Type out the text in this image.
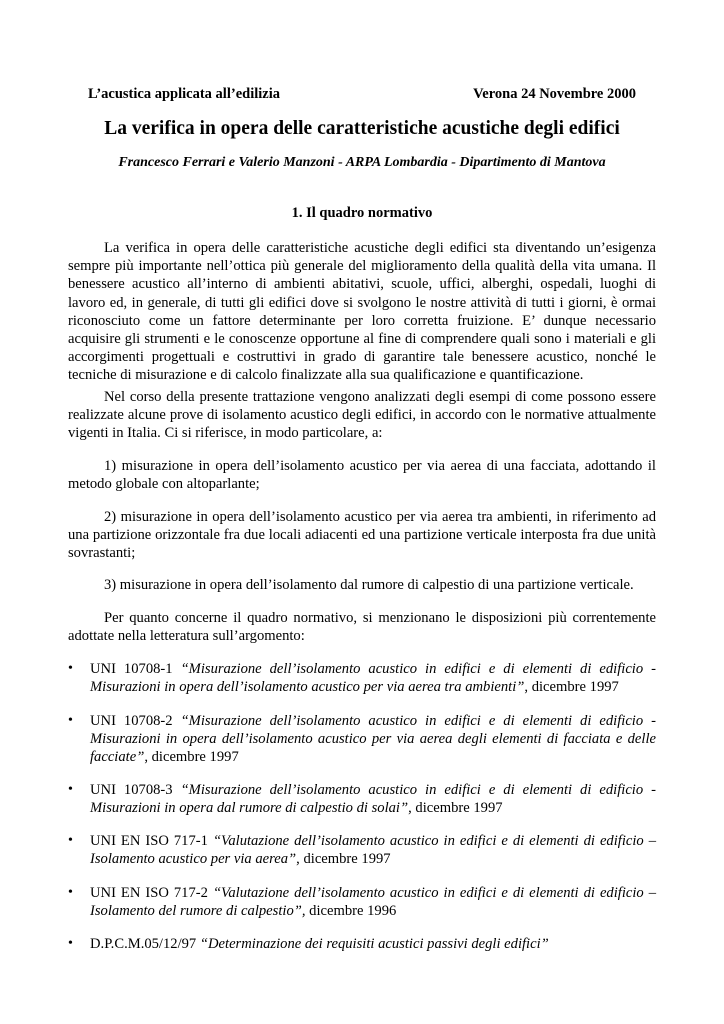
L’acustica applicata all’edilizia	Verona 24 Novembre 2000
La verifica in opera delle caratteristiche acustiche degli edifici
Francesco Ferrari e Valerio Manzoni - ARPA Lombardia - Dipartimento di Mantova
1. Il quadro normativo
La verifica in opera delle caratteristiche acustiche degli edifici sta diventando un’esigenza sempre più importante nell’ottica più generale del miglioramento della qualità della vita umana. Il benessere acustico all’interno di ambienti abitativi, scuole, uffici, alberghi, ospedali, luoghi di lavoro ed, in generale, di tutti gli edifici dove si svolgono le nostre attività di tutti i giorni, è ormai riconosciuto come un fattore determinante per loro corretta fruizione. E’ dunque necessario acquisire gli strumenti e le conoscenze opportune al fine di comprendere quali sono i materiali e gli accorgimenti progettuali e costruttivi in grado di garantire tale benessere acustico, nonché le tecniche di misurazione e di calcolo finalizzate alla sua qualificazione e quantificazione.
Nel corso della presente trattazione vengono analizzati degli esempi di come possono essere realizzate alcune prove di isolamento acustico degli edifici, in accordo con le normative attualmente vigenti in Italia. Ci si riferisce, in modo particolare, a:
1) misurazione in opera dell’isolamento acustico per via aerea di una facciata, adottando il metodo globale con altoparlante;
2) misurazione in opera dell’isolamento acustico per via aerea tra ambienti, in riferimento ad una partizione orizzontale fra due locali adiacenti ed una partizione verticale interposta fra due unità sovrastanti;
3) misurazione in opera dell’isolamento dal rumore di calpestio di una partizione verticale.
Per quanto concerne il quadro normativo, si menzionano le disposizioni più correntemente adottate nella letteratura sull’argomento:
•	UNI 10708-1 “Misurazione dell’isolamento acustico in edifici e di elementi di edificio - Misurazioni in opera dell’isolamento acustico per via aerea tra ambienti”, dicembre 1997
•	UNI 10708-2 “Misurazione dell’isolamento acustico in edifici e di elementi di edificio - Misurazioni in opera dell’isolamento acustico per via aerea degli elementi di facciata e delle facciate”, dicembre 1997
•	UNI 10708-3 “Misurazione dell’isolamento acustico in edifici e di elementi di edificio - Misurazioni in opera dal rumore di calpestio di solai”, dicembre 1997
•	UNI EN ISO 717-1 “Valutazione dell’isolamento acustico in edifici e di elementi di edificio – Isolamento acustico per via aerea”, dicembre 1997
•	UNI EN ISO 717-2 “Valutazione dell’isolamento acustico in edifici e di elementi di edificio – Isolamento del rumore di calpestio”, dicembre 1996
•	D.P.C.M.05/12/97 “Determinazione dei requisiti acustici passivi degli edifici”
